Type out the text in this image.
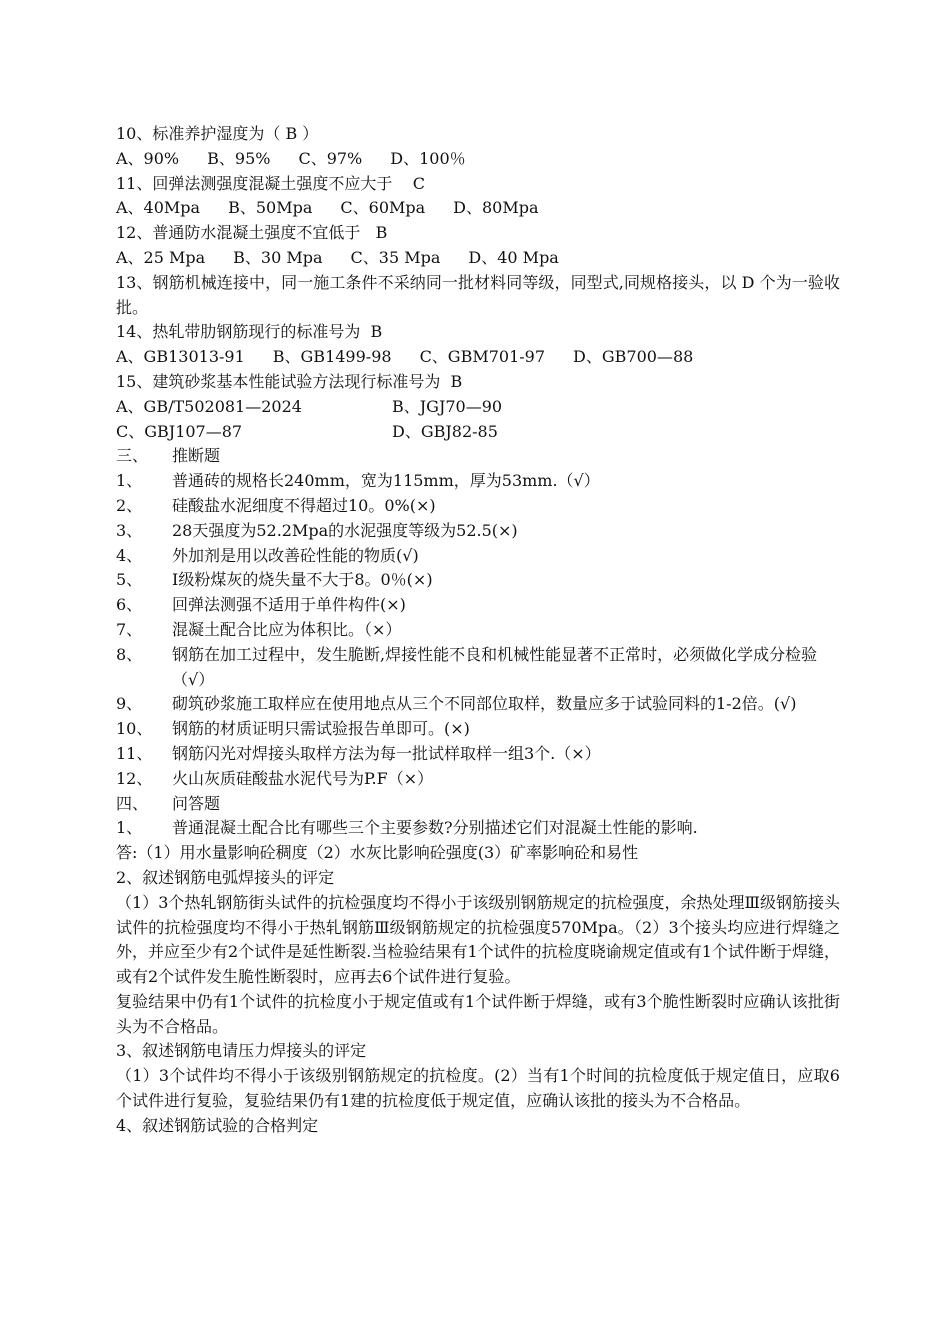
10、标准养护湿度为（ B ）
A、90% B、95% C、97% D、100％
11、回弹法测强度混凝土强度不应大于    C
A、40Mpa B、50Mpa C、60Mpa D、80Mpa
12、普通防水混凝土强度不宜低于   B
A、25 Mpa B、30 Mpa C、35 Mpa D、40 Mpa
13、钢筋机械连接中，同一施工条件不采纳同一批材料同等级，同型式,同规格接头，以 D 个为一验收批。
14、热轧带肋钢筋现行的标准号为  B
A、GB13013-91 B、GB1499-98 C、GBM701-97 D、GB700—88
15、建筑砂浆基本性能试验方法现行标准号为  B
A、GB/T502081—2024	B、JGJ70—90
C、GBJ107—87	D、GBJ82-85
三、	推断题
1、	普通砖的规格长240mm，宽为115mm，厚为53mm.（√）
2、	硅酸盐水泥细度不得超过10。0%(×)
3、	28天强度为52.2Mpa的水泥强度等级为52.5(×)
4、	外加剂是用以改善砼性能的物质(√)
5、	Ⅰ级粉煤灰的烧失量不大于8。0％(×)
6、	回弹法测强不适用于单件构件(×)
7、	混凝土配合比应为体积比。（×）
8、	钢筋在加工过程中，发生脆断,焊接性能不良和机械性能显著不正常时，必须做化学成分检验（√）
9、	砌筑砂浆施工取样应在使用地点从三个不同部位取样，数量应多于试验同料的1-2倍。(√)
10、	钢筋的材质证明只需试验报告单即可。(×)
11、	钢筋闪光对焊接头取样方法为每一批试样取样一组3个.（×）
12、	火山灰质硅酸盐水泥代号为P.F（×）
四、	问答题
1、	普通混凝土配合比有哪些三个主要参数?分别描述它们对混凝土性能的影响.
答:（1）用水量影响砼稠度（2）水灰比影响砼强度(3）矿率影响砼和易性
2、叙述钢筋电弧焊接头的评定
（1）3个热轧钢筋街头试件的抗检强度均不得小于该级别钢筋规定的抗检强度，余热处理Ⅲ级钢筋接头试件的抗检强度均不得小于热轧钢筋Ⅲ级钢筋规定的抗检强度570Mpa。（2）3个接头均应进行焊缝之外，并应至少有2个试件是延性断裂.当检验结果有1个试件的抗检度晓谕规定值或有1个试件断于焊缝，或有2个试件发生脆性断裂时，应再去6个试件进行复验。
复验结果中仍有1个试件的抗检度小于规定值或有1个试件断于焊缝，或有3个脆性断裂时应确认该批街头为不合格品。
3、叙述钢筋电请压力焊接头的评定
（1）3个试件均不得小于该级别钢筋规定的抗检度。(2）当有1个时间的抗检度低于规定值日，应取6个试件进行复验，复验结果仍有1建的抗检度低于规定值，应确认该批的接头为不合格品。
4、叙述钢筋试验的合格判定
